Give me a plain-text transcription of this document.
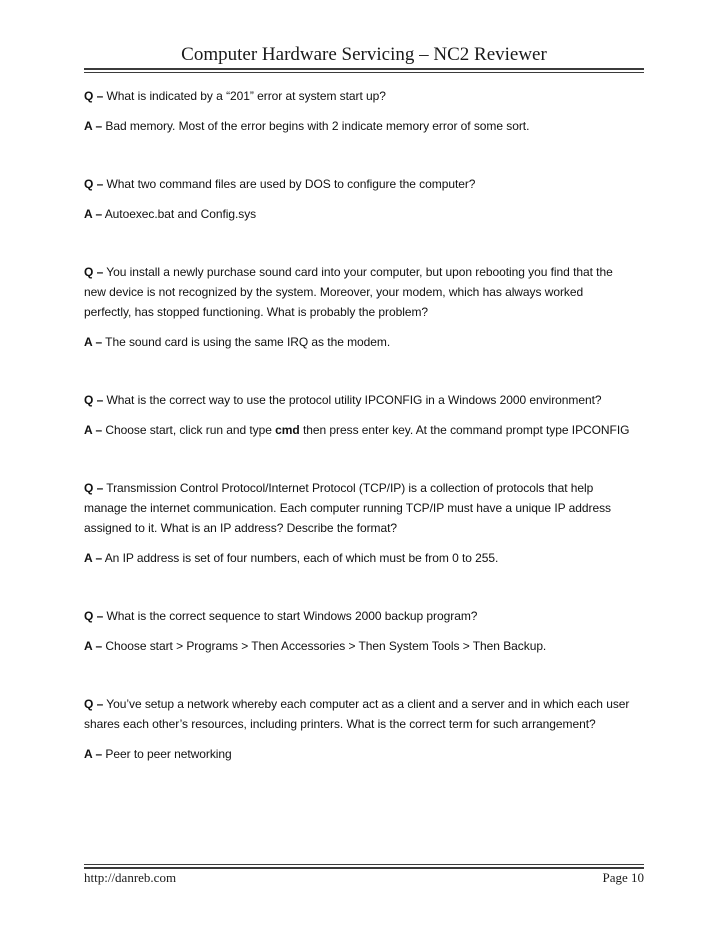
Computer Hardware Servicing – NC2 Reviewer

Q – What is indicated by a “201” error at system start up?

A – Bad memory. Most of the error begins with 2 indicate memory error of some sort.

Q – What two command files are used by DOS to configure the computer?

A – Autoexec.bat and Config.sys

Q – You install a newly purchase sound card into your computer, but upon rebooting you find that the

new device is not recognized by the system. Moreover, your modem, which has always worked

perfectly, has stopped functioning. What is probably the problem?

A – The sound card is using the same IRQ as the modem.

Q – What is the correct way to use the protocol utility IPCONFIG in a Windows 2000 environment?

A – Choose start, click run and type cmd then press enter key. At the command prompt type IPCONFIG

Q – Transmission Control Protocol/Internet Protocol (TCP/IP) is a collection of protocols that help

manage the internet communication. Each computer running TCP/IP must have a unique IP address

assigned to it. What is an IP address? Describe the format?

A – An IP address is set of four numbers, each of which must be from 0 to 255.

Q – What is the correct sequence to start Windows 2000 backup program?

A – Choose start > Programs > Then Accessories > Then System Tools > Then Backup.

Q – You’ve setup a network whereby each computer act as a client and a server and in which each user

shares each other’s resources, including printers. What is the correct term for such arrangement?

A – Peer to peer networking

http://danreb.com	Page 10
